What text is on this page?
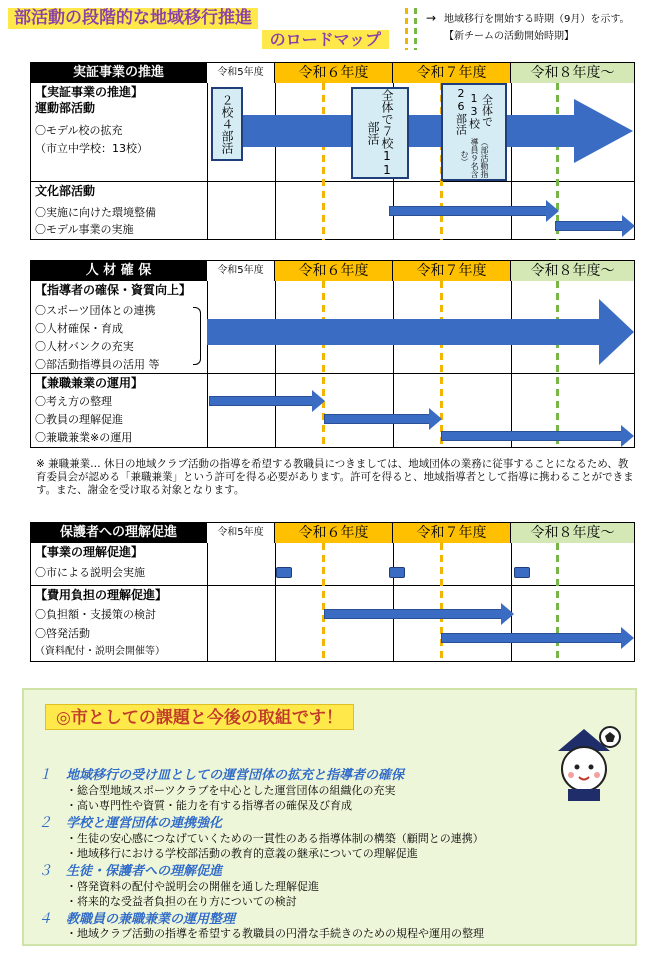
部活動の段階的な地域移行推進
のロードマップ
→ 地域移行を開始する時期（9月）を示す。
【新チームの活動開始時期】
実証事業の推進	令和5年度	令和６年度	令和７年度	令和８年度～
【実証事業の推進】
運動部活動
〇モデル校の拡充
（市立中学校：13校）	２校４部活	全体で７校11部活
全体で13校26部活
（部活動指導員９名含む）
文化部活動
〇実施に向けた環境整備
〇モデル事業の実施
人 材 確 保	令和5年度	令和６年度	令和７年度	令和８年度～
【指導者の確保・資質向上】
〇スポーツ団体との連携
〇人材確保・育成
〇人材バンクの充実
〇部活動指導員の活用 等
【兼職兼業の運用】
〇考え方の整理
〇教員の理解促進
〇兼職兼業※の運用
※ 兼職兼業… 休日の地域クラブ活動の指導を希望する教職員につきましては、地域団体の業務に従事することになるため、教育委員会が認める「兼職兼業」という許可を得る必要があります。許可を得ると、地域指導者として指導に携わることができます。また、謝金を受け取る対象となります。
保護者への理解促進	令和5年度	令和６年度	令和７年度	令和８年度～
【事業の理解促進】
〇市による説明会実施
【費用負担の理解促進】
〇負担額・支援策の検討
〇啓発活動
（資料配付・説明会開催等）
◎市としての課題と今後の取組です！
１ 地域移行の受け皿としての運営団体の拡充と指導者の確保
・総合型地域スポーツクラブを中心とした運営団体の組織化の充実
・高い専門性や資質・能力を有する指導者の確保及び育成
２ 学校と運営団体の連携強化
・生徒の安心感につなげていくための一貫性のある指導体制の構築（顧問との連携）
・地域移行における学校部活動の教育的意義の継承についての理解促進
３ 生徒・保護者への理解促進
・啓発資料の配付や説明会の開催を通した理解促進
・将来的な受益者負担の在り方についての検討
４ 教職員の兼職兼業の運用整理
・地域クラブ活動の指導を希望する教職員の円滑な手続きのための規程や運用の整理
